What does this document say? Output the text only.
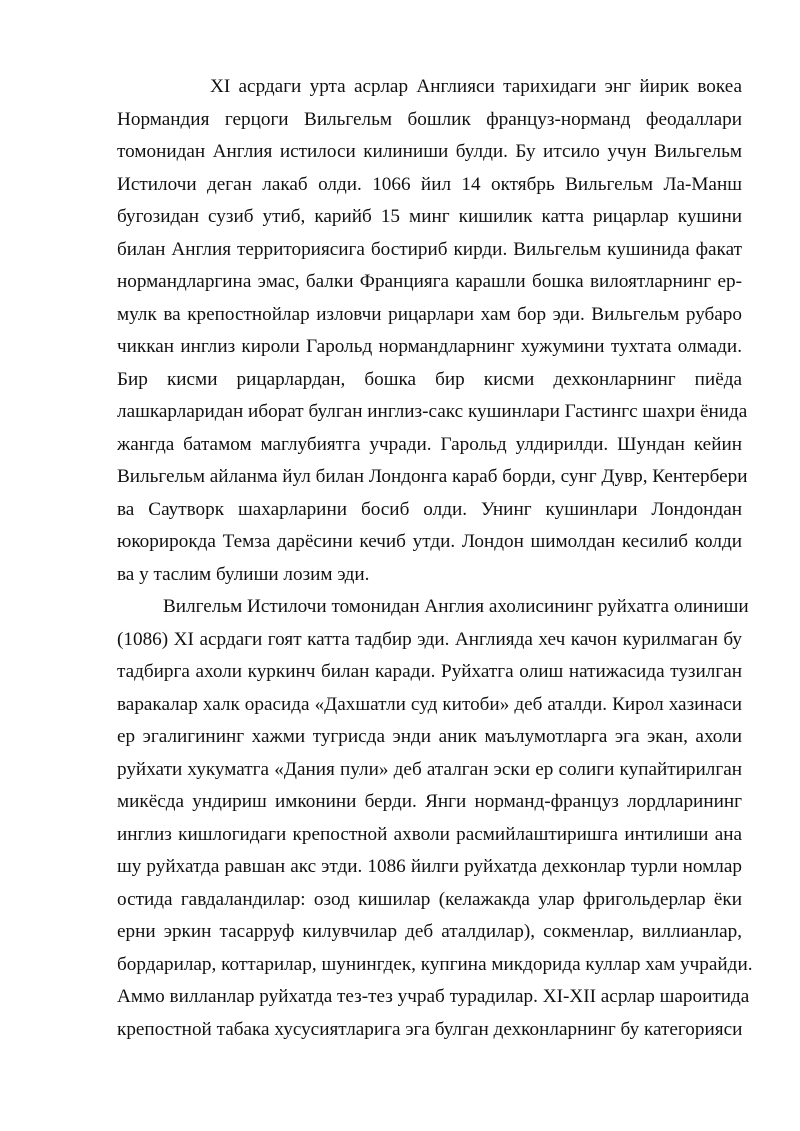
XI асрдаги урта асрлар Англияси тарихидаги энг йирик вокеа
Нормандия герцоги Вильгельм бошлик француз-норманд феодаллари
томонидан Англия истилоси килиниши булди. Бу итсило учун Вильгельм
Истилочи деган лакаб олди. 1066 йил 14 октябрь Вильгельм Ла-Манш
бугозидан сузиб утиб, карийб 15 минг кишилик катта рицарлар кушини
билан Англия территориясига бостириб кирди. Вильгельм кушинида факат
нормандларгина эмас, балки Францияга карашли бошка вилоятларнинг ер-
мулк ва крепостнойлар изловчи рицарлари хам бор эди. Вильгельм рубаро
чиккан инглиз кироли Гарольд нормандларнинг хужумини тухтата олмади.
Бир кисми рицарлардан, бошка бир кисми дехконларнинг пиёда
лашкарларидан иборат булган инглиз-сакс кушинлари Гастингс шахри ёнида
жангда батамом маглубиятга учради. Гарольд улдирилди. Шундан кейин
Вильгельм айланма йул билан Лондонга караб борди, сунг Дувр, Кентербери
ва Саутворк шахарларини босиб олди. Унинг кушинлари Лондондан
юкорирокда Темза дарёсини кечиб утди. Лондон шимолдан кесилиб колди
ва у таслим булиши лозим эди.
Вилгельм Истилочи томонидан Англия ахолисининг руйхатга олиниши
(1086) XI асрдаги гоят катта тадбир эди. Англияда хеч качон курилмаган бу
тадбирга ахоли куркинч билан каради. Руйхатга олиш натижасида тузилган
варакалар халк орасида «Дахшатли суд китоби» деб аталди. Кирол хазинаси
ер эгалигининг хажми тугрисда энди аник маълумотларга эга экан, ахоли
руйхати хукуматга «Дания пули» деб аталган эски ер солиги купайтирилган
микёсда ундириш имконини берди. Янги норманд-француз лордларининг
инглиз кишлогидаги крепостной ахволи расмийлаштиришга интилиши ана
шу руйхатда равшан акс этди. 1086 йилги руйхатда дехконлар турли номлар
остида гавдаландилар: озод кишилар (келажакда улар фригольдерлар ёки
ерни эркин тасарруф килувчилар деб аталдилар), сокменлар, виллианлар,
бордарилар, коттарилар, шунингдек, купгина микдорида куллар хам учрайди.
Аммо вилланлар руйхатда тез-тез учраб турадилар. XI-XII асрлар шароитида
крепостной табака хусусиятларига эга булган дехконларнинг бу категорияси
